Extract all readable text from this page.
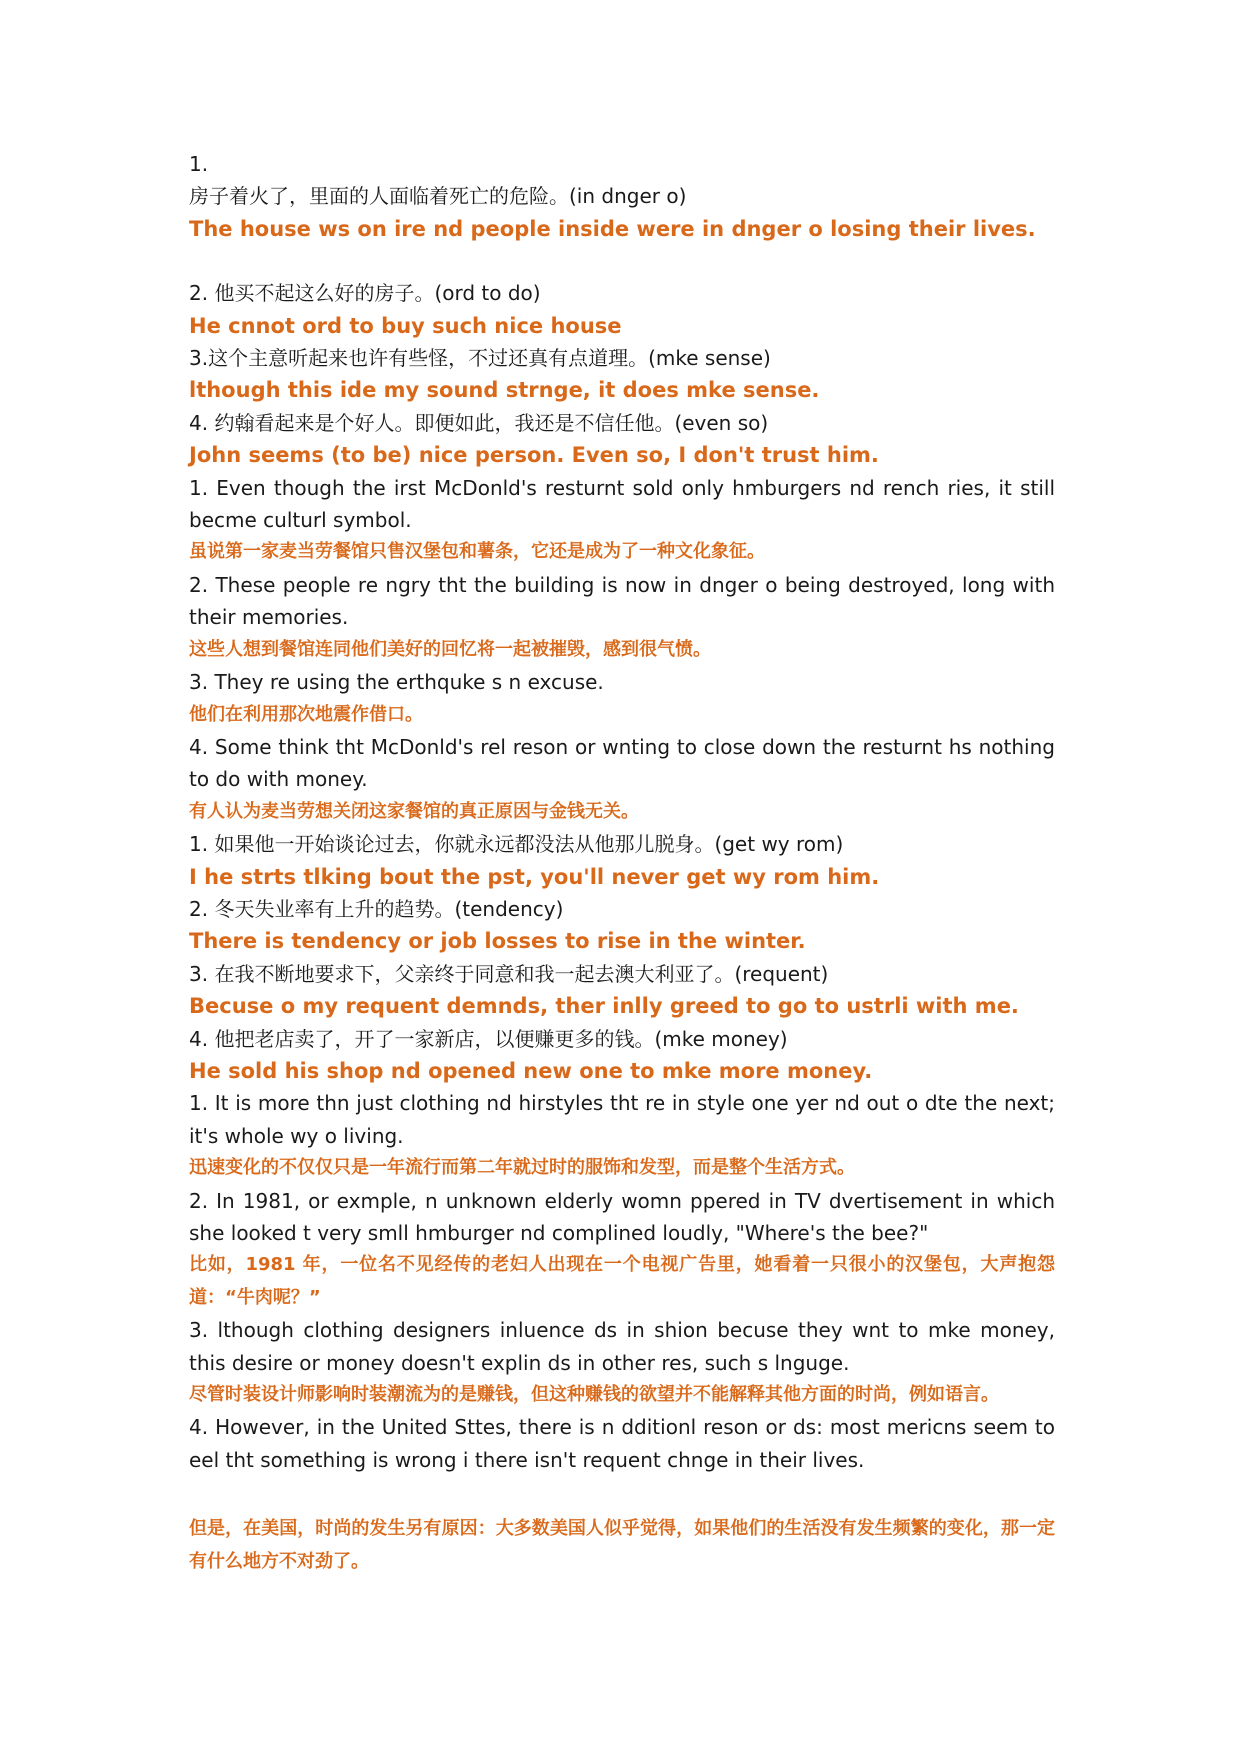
1.
房子着火了，里面的人面临着死亡的危险。(in dnger o)
The house ws on ire nd people inside were in dnger o losing their lives.
2. 他买不起这么好的房子。(ord to do)
He cnnot ord to buy such nice house
3.这个主意听起来也许有些怪，不过还真有点道理。(mke sense)
lthough this ide my sound strnge, it does mke sense.
4. 约翰看起来是个好人。即便如此，我还是不信任他。(even so)
John seems (to be) nice person. Even so, I don't trust him.
1. Even though the irst McDonld's resturnt sold only hmburgers nd rench ries, it still becme culturl symbol.
虽说第一家麦当劳餐馆只售汉堡包和薯条，它还是成为了一种文化象征。
2. These people re ngry tht the building is now in dnger o being destroyed, long with their memories.
这些人想到餐馆连同他们美好的回忆将一起被摧毁，感到很气愤。
3. They re using the erthquke s n excuse.
他们在利用那次地震作借口。
4. Some think tht McDonld's rel reson or wnting to close down the resturnt hs nothing to do with money.
有人认为麦当劳想关闭这家餐馆的真正原因与金钱无关。
1. 如果他一开始谈论过去，你就永远都没法从他那儿脱身。(get wy rom)
I he strts tlking bout the pst, you'll never get wy rom him.
2. 冬天失业率有上升的趋势。(tendency)
There is tendency or job losses to rise in the winter.
3. 在我不断地要求下，父亲终于同意和我一起去澳大利亚了。(requent)
Becuse o my requent demnds, ther inlly greed to go to ustrli with me.
4. 他把老店卖了，开了一家新店，以便赚更多的钱。(mke money)
He sold his shop nd opened new one to mke more money.
1. It is more thn just clothing nd hirstyles tht re in style one yer nd out o dte the next; it's whole wy o living.
迅速变化的不仅仅只是一年流行而第二年就过时的服饰和发型，而是整个生活方式。
2. In 1981, or exmple, n unknown elderly womn ppered in TV dvertisement in which she looked t very smll hmburger nd complined loudly, "Where's the bee?"
比如，1981 年，一位名不见经传的老妇人出现在一个电视广告里，她看着一只很小的汉堡包，大声抱怨道：“牛肉呢？”
3. lthough clothing designers inluence ds in shion becuse they wnt to mke money, this desire or money doesn't explin ds in other res, such s lnguge.
尽管时装设计师影响时装潮流为的是赚钱，但这种赚钱的欲望并不能解释其他方面的时尚，例如语言。
4. However, in the United Sttes, there is n dditionl reson or ds: most mericns seem to eel tht something is wrong i there isn't requent chnge in their lives.
但是，在美国，时尚的发生另有原因：大多数美国人似乎觉得，如果他们的生活没有发生频繁的变化，那一定有什么地方不对劲了。
